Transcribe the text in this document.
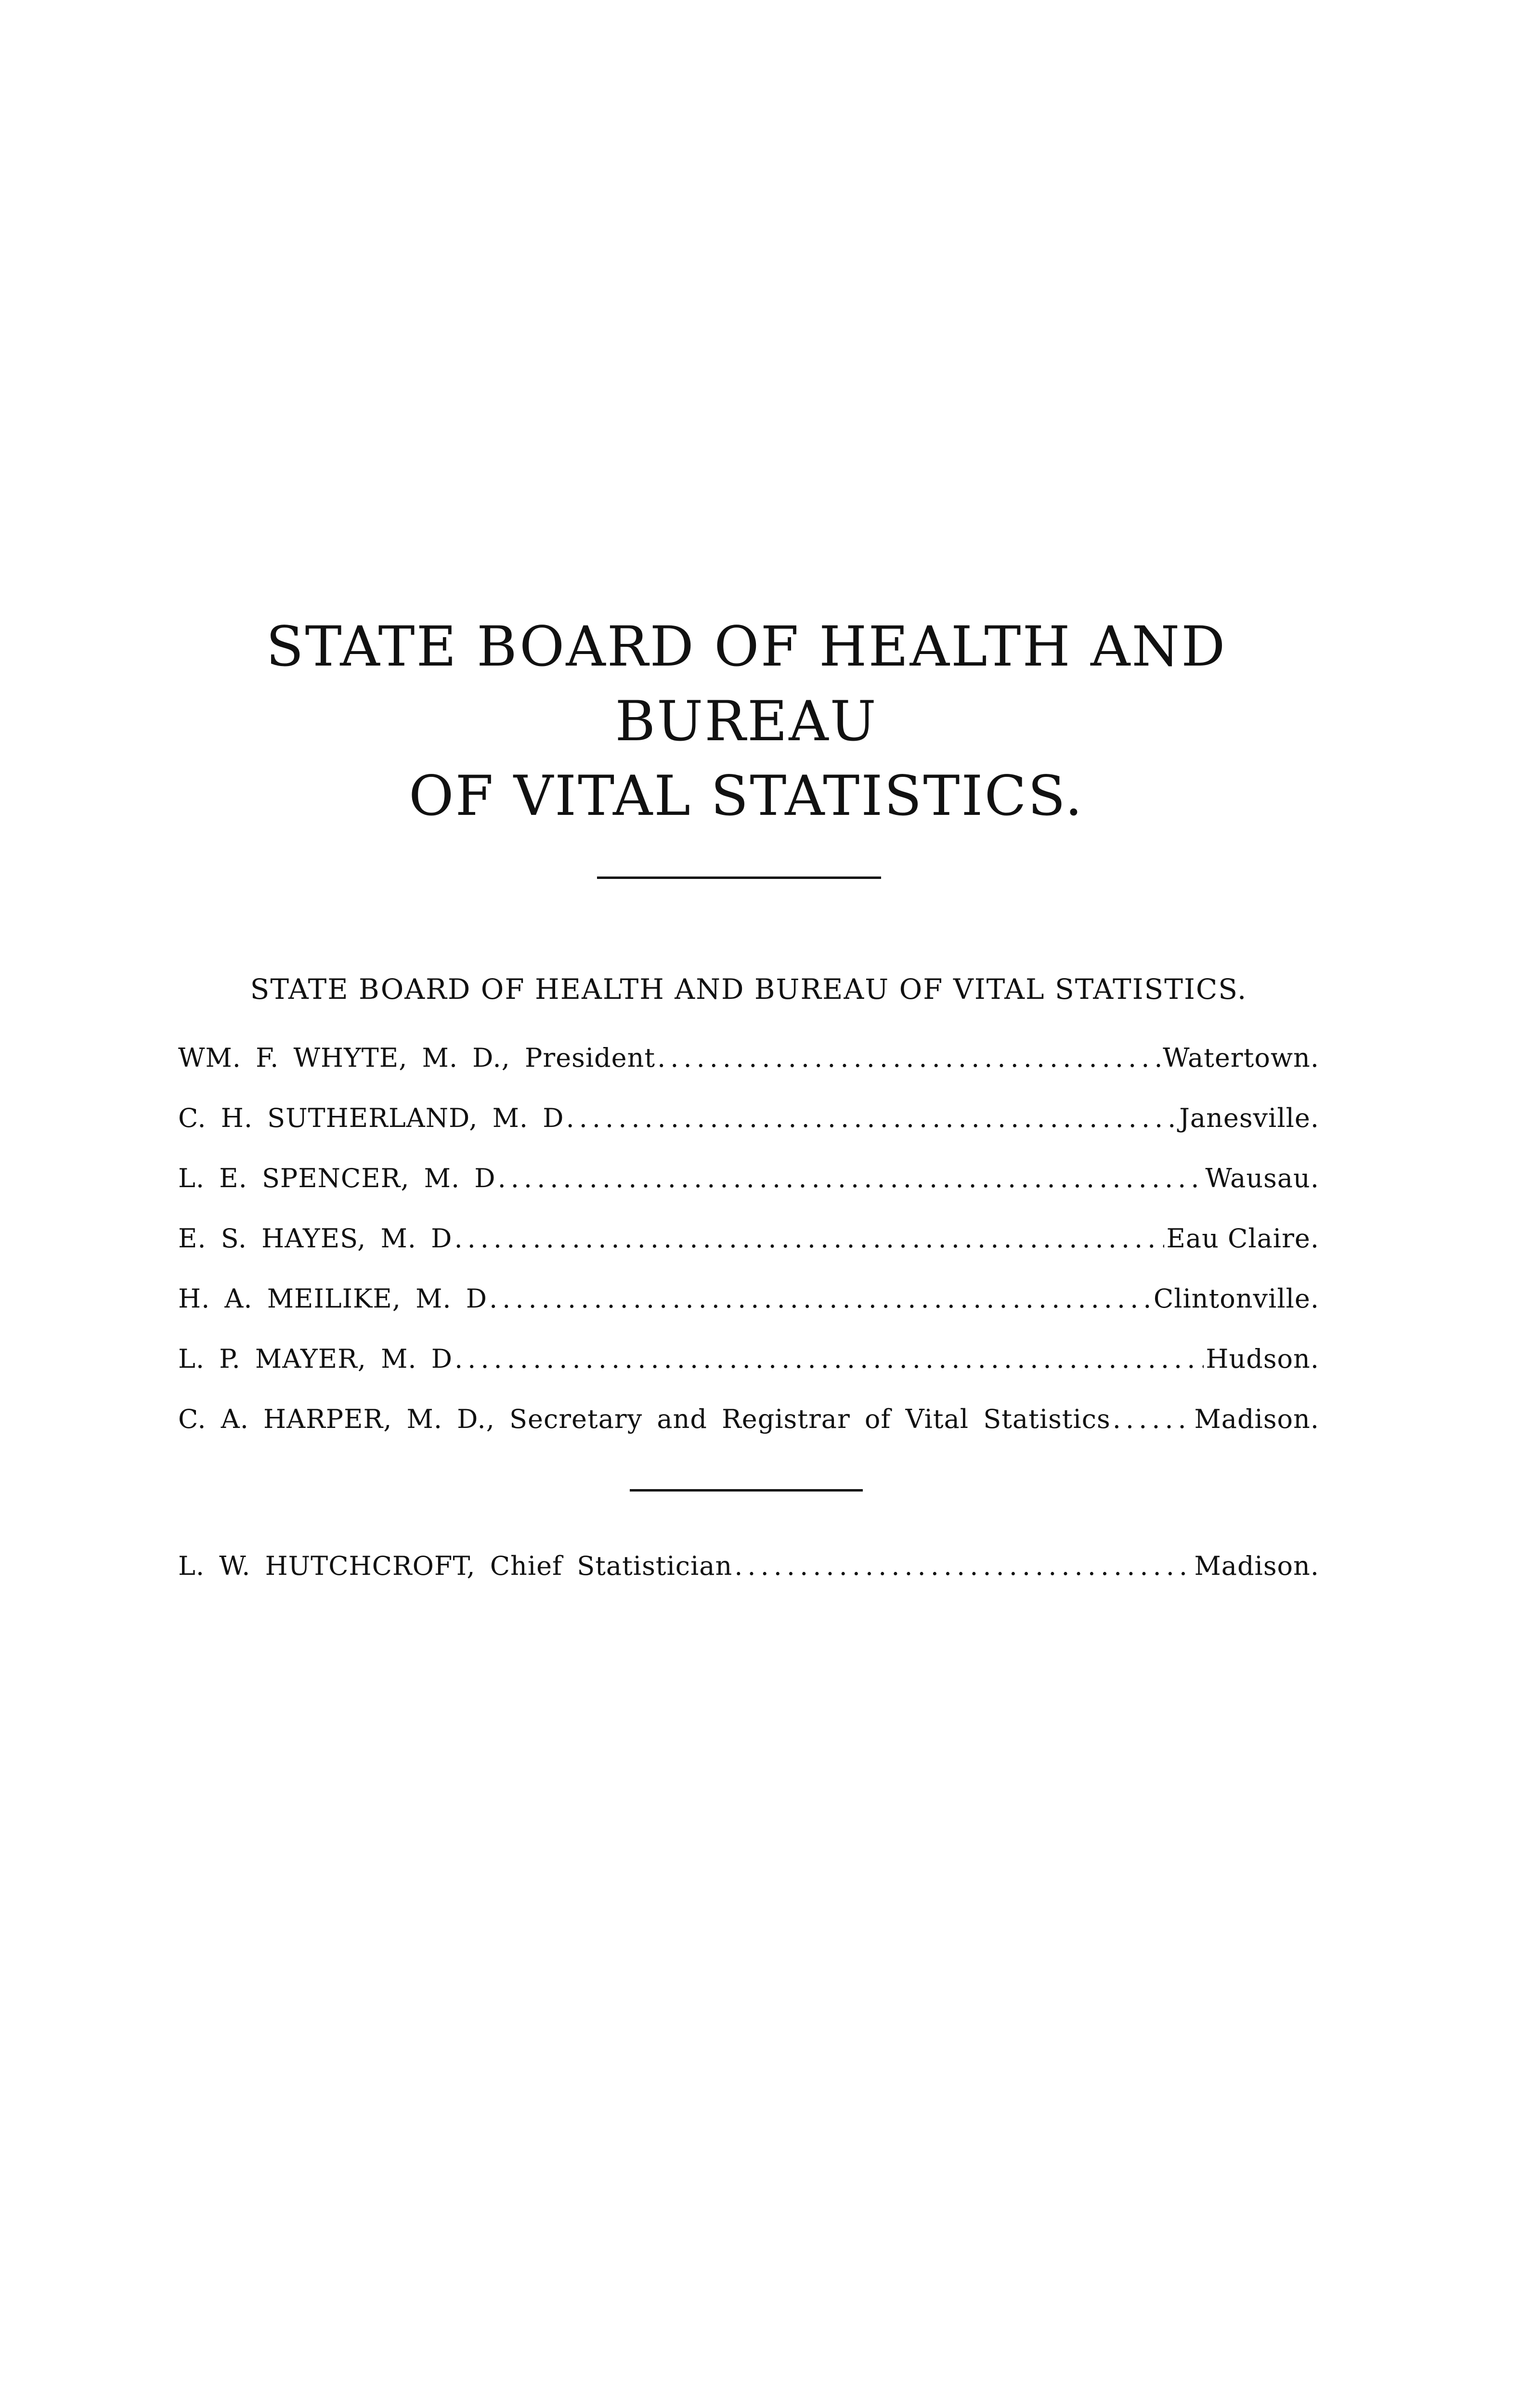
STATE BOARD OF HEALTH AND BUREAU
OF VITAL STATISTICS.
STATE BOARD OF HEALTH AND BUREAU OF VITAL STATISTICS.
WM. F. WHYTE, M. D., President .....	Watertown.
C. H. SUTHERLAND, M. D .....	Janesville.
L. E. SPENCER, M. D .....	Wausau.
E. S. HAYES, M. D .....	Eau Claire.
H. A. MEILIKE, M. D .....	Clintonville.
L. P. MAYER, M. D .....	Hudson.
C. A. HARPER, M. D., Secretary and Registrar of Vital Statistics .....	Madison.
L. W. HUTCHCROFT, Chief Statistician .....	Madison.
